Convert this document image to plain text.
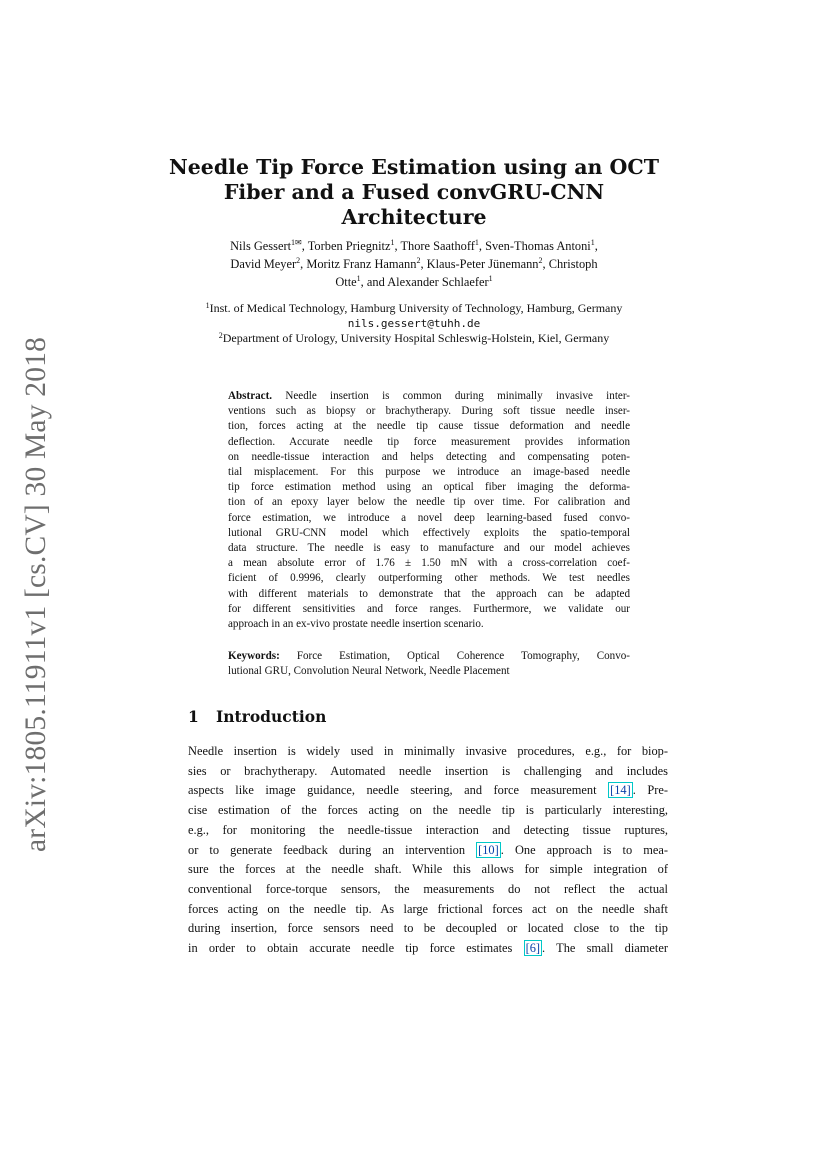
arXiv:1805.11911v1 [cs.CV] 30 May 2018
Needle Tip Force Estimation using an OCT
Fiber and a Fused convGRU-CNN Architecture
Nils Gessert$^{1✉}$, Torben Priegnitz$^1$, Thore Saathoff$^1$, Sven-Thomas Antoni$^1$,
David Meyer$^2$, Moritz Franz Hamann$^2$, Klaus-Peter Jünemann$^2$, Christoph
Otte$^1$, and Alexander Schlaefer$^1$
$^1$Inst. of Medical Technology, Hamburg University of Technology, Hamburg, Germany
nils.gessert@tuhh.de
$^2$Department of Urology, University Hospital Schleswig-Holstein, Kiel, Germany
Abstract. Needle insertion is common during minimally invasive inter-
ventions such as biopsy or brachytherapy. During soft tissue needle inser-
tion, forces acting at the needle tip cause tissue deformation and needle
deflection. Accurate needle tip force measurement provides information
on needle-tissue interaction and helps detecting and compensating poten-
tial misplacement. For this purpose we introduce an image-based needle
tip force estimation method using an optical fiber imaging the deforma-
tion of an epoxy layer below the needle tip over time. For calibration and
force estimation, we introduce a novel deep learning-based fused convo-
lutional GRU-CNN model which effectively exploits the spatio-temporal
data structure. The needle is easy to manufacture and our model achieves
a mean absolute error of 1.76 ± 1.50 mN with a cross-correlation coef-
ficient of 0.9996, clearly outperforming other methods. We test needles
with different materials to demonstrate that the approach can be adapted
for different sensitivities and force ranges. Furthermore, we validate our
approach in an ex-vivo prostate needle insertion scenario.
Keywords: Force Estimation, Optical Coherence Tomography, Convo-
lutional GRU, Convolution Neural Network, Needle Placement
1 Introduction
Needle insertion is widely used in minimally invasive procedures, e.g., for biop-
sies or brachytherapy. Automated needle insertion is challenging and includes
aspects like image guidance, needle steering, and force measurement [14] . Pre-
cise estimation of the forces acting on the needle tip is particularly interesting,
e.g., for monitoring the needle-tissue interaction and detecting tissue ruptures,
or to generate feedback during an intervention [10] . One approach is to mea-
sure the forces at the needle shaft. While this allows for simple integration of
conventional force-torque sensors, the measurements do not reflect the actual
forces acting on the needle tip. As large frictional forces act on the needle shaft
during insertion, force sensors need to be decoupled or located close to the tip
in order to obtain accurate needle tip force estimates [6] . The small diameter
